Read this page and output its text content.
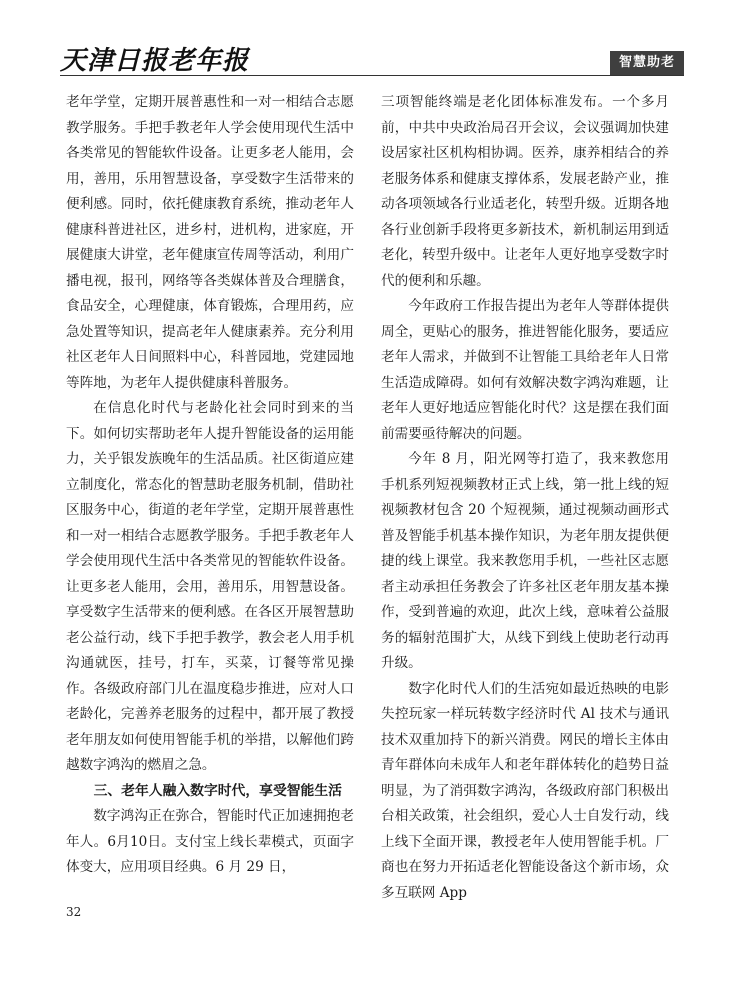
天津日报老年报	智慧助老

老年学堂，定期开展普惠性和一对一相结合志愿教学服务。手把手教老年人学会使用现代生活中各类常见的智能软件设备。让更多老人能用，会用，善用，乐用智慧设备，享受数字生活带来的便利感。同时，依托健康教育系统，推动老年人健康科普进社区，进乡村，进机构，进家庭，开展健康大讲堂，老年健康宣传周等活动，利用广播电视，报刊，网络等各类媒体普及合理膳食，食品安全，心理健康，体育锻炼，合理用药，应急处置等知识，提高老年人健康素养。充分利用社区老年人日间照料中心，科普园地，党建园地等阵地，为老年人提供健康科普服务。

在信息化时代与老龄化社会同时到来的当下。如何切实帮助老年人提升智能设备的运用能力，关乎银发族晚年的生活品质。社区街道应建立制度化，常态化的智慧助老服务机制，借助社区服务中心，街道的老年学堂，定期开展普惠性和一对一相结合志愿教学服务。手把手教老年人学会使用现代生活中各类常见的智能软件设备。让更多老人能用，会用，善用乐，用智慧设备。享受数字生活带来的便利感。在各区开展智慧助老公益行动，线下手把手教学，教会老人用手机沟通就医，挂号，打车，买菜，订餐等常见操作。各级政府部门儿在温度稳步推进，应对人口老龄化，完善养老服务的过程中，都开展了教授老年朋友如何使用智能手机的举措，以解他们跨越数字鸿沟的燃眉之急。

三、老年人融入数字时代，享受智能生活

数字鸿沟正在弥合，智能时代正加速拥抱老年人。6月10日。支付宝上线长辈模式，页面字体变大，应用项目经典。6 月 29 日，

三项智能终端是老化团体标准发布。一个多月前，中共中央政治局召开会议，会议强调加快建设居家社区机构相协调。医养，康养相结合的养老服务体系和健康支撑体系，发展老龄产业，推动各项领域各行业适老化，转型升级。近期各地各行业创新手段将更多新技术，新机制运用到适老化，转型升级中。让老年人更好地享受数字时代的便利和乐趣。

今年政府工作报告提出为老年人等群体提供周全，更贴心的服务，推进智能化服务，要适应老年人需求，并做到不让智能工具给老年人日常生活造成障碍。如何有效解决数字鸿沟难题，让老年人更好地适应智能化时代？这是摆在我们面前需要亟待解决的问题。

今年 8 月，阳光网等打造了，我来教您用手机系列短视频教材正式上线，第一批上线的短视频教材包含 20 个短视频，通过视频动画形式普及智能手机基本操作知识，为老年朋友提供便捷的线上课堂。我来教您用手机，一些社区志愿者主动承担任务教会了许多社区老年朋友基本操作，受到普遍的欢迎，此次上线，意味着公益服务的辐射范围扩大，从线下到线上使助老行动再升级。

数字化时代人们的生活宛如最近热映的电影失控玩家一样玩转数字经济时代 Al 技术与通讯技术双重加持下的新兴消费。网民的增长主体由青年群体向未成年人和老年群体转化的趋势日益明显，为了消弭数字鸿沟，各级政府部门积极出台相关政策，社会组织，爱心人士自发行动，线上线下全面开课，教授老年人使用智能手机。厂商也在努力开拓适老化智能设备这个新市场，众多互联网 App

32
